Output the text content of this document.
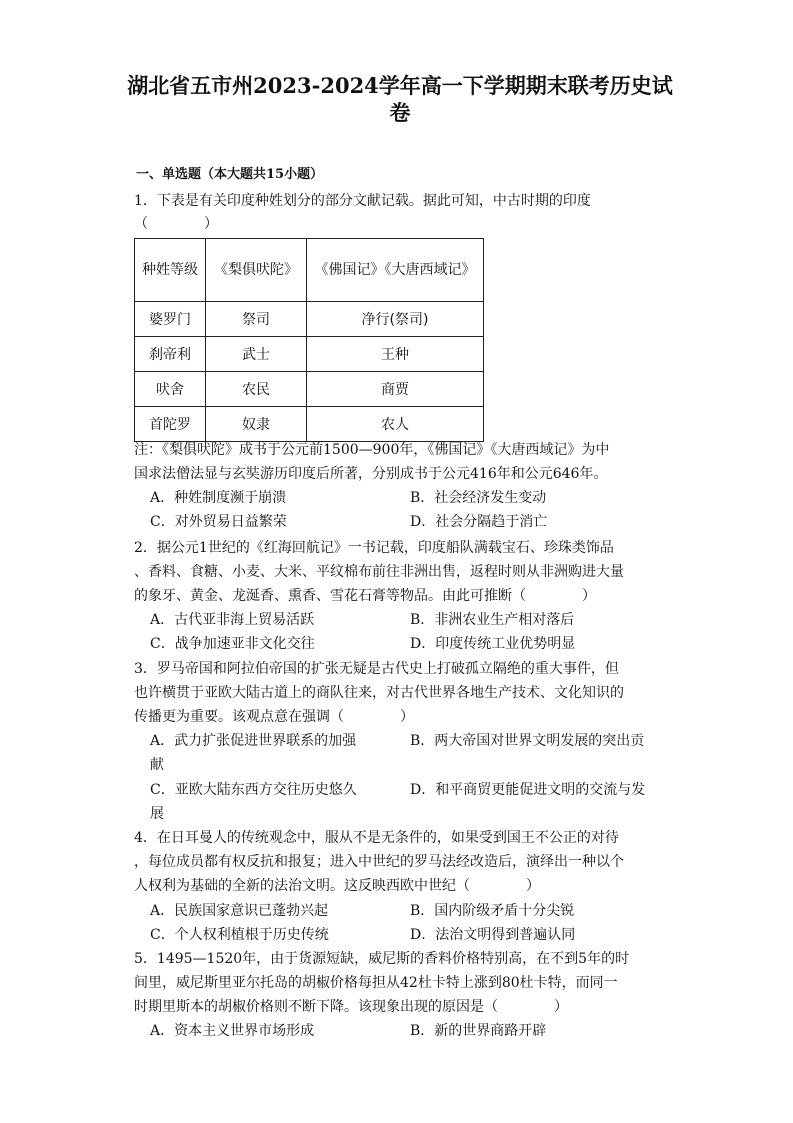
湖北省五市州2023-2024学年高一下学期期末联考历史试
卷
一、单选题（本大题共15小题）
1．下表是有关印度种姓划分的部分文献记载。据此可知，中古时期的印度
（　　　　）
种姓等级	《梨俱吠陀》	《佛国记》《大唐西域记》
婆罗门	祭司	净行(祭司)
刹帝利	武士	王种
吠舍	农民	商贾
首陀罗	奴隶	农人
注：《梨俱吠陀》成书于公元前1500—900年，《佛国记》《大唐西域记》为中
国求法僧法显与玄奘游历印度后所著，分别成书于公元416年和公元646年。
A．种姓制度濒于崩溃	B．社会经济发生变动
C．对外贸易日益繁荣	D．社会分隔趋于消亡
2．据公元1世纪的《红海回航记》一书记载，印度船队满载宝石、珍珠类饰品
、香料、食糖、小麦、大米、平纹棉布前往非洲出售，返程时则从非洲购进大量
的象牙、黄金、龙涎香、熏香、雪花石膏等物品。由此可推断（　　　　）
A．古代亚非海上贸易活跃	B．非洲农业生产相对落后
C．战争加速亚非文化交往	D．印度传统工业优势明显
3．罗马帝国和阿拉伯帝国的扩张无疑是古代史上打破孤立隔绝的重大事件，但
也许横贯于亚欧大陆古道上的商队往来，对古代世界各地生产技术、文化知识的
传播更为重要。该观点意在强调（　　　　）
A．武力扩张促进世界联系的加强	B．两大帝国对世界文明发展的突出贡
献
C．亚欧大陆东西方交往历史悠久	D．和平商贸更能促进文明的交流与发
展
4．在日耳曼人的传统观念中，服从不是无条件的，如果受到国王不公正的对待
，每位成员都有权反抗和报复；进入中世纪的罗马法经改造后，演绎出一种以个
人权利为基础的全新的法治文明。这反映西欧中世纪（　　　　）
A．民族国家意识已蓬勃兴起	B．国内阶级矛盾十分尖锐
C．个人权利植根于历史传统	D．法治文明得到普遍认同
5．1495—1520年，由于货源短缺，威尼斯的香料价格特别高，在不到5年的时
间里，威尼斯里亚尔托岛的胡椒价格每担从42杜卡特上涨到80杜卡特，而同一
时期里斯本的胡椒价格则不断下降。该现象出现的原因是（　　　　）
A．资本主义世界市场形成	B．新的世界商路开辟
